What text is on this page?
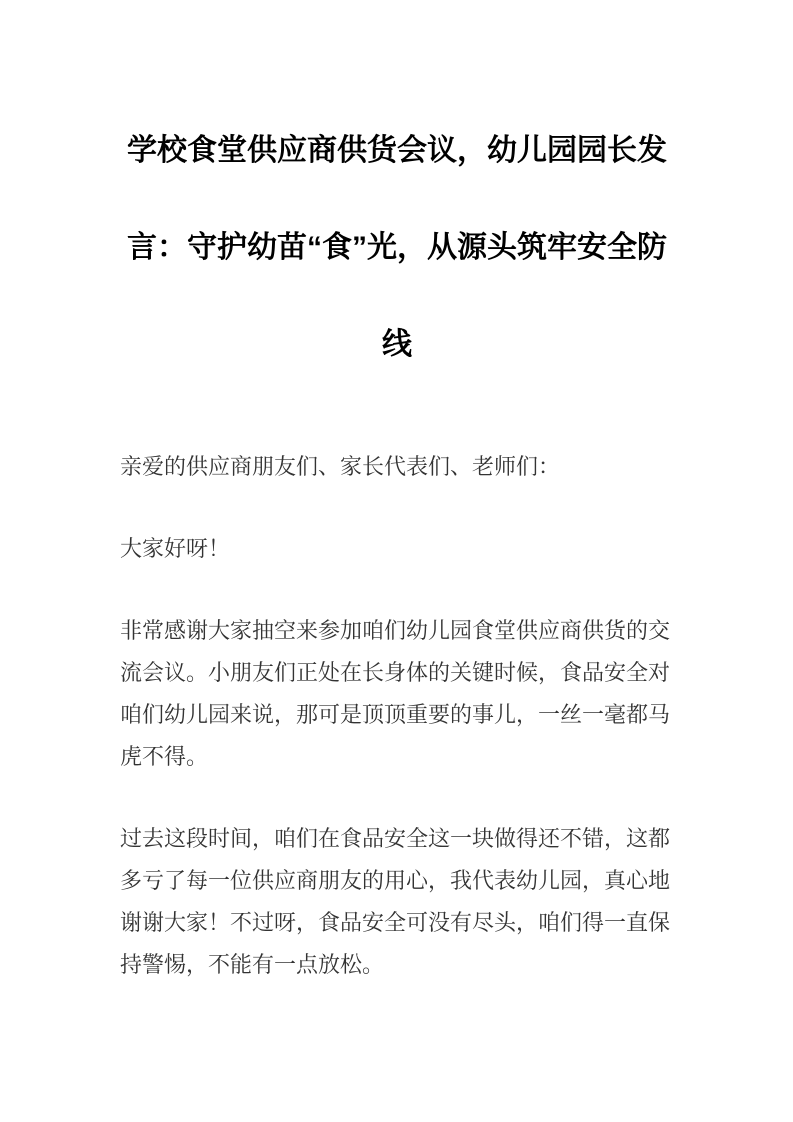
学校食堂供应商供货会议，幼儿园园长发
言：守护幼苗“食”光，从源头筑牢安全防
线

亲爱的供应商朋友们、家长代表们、老师们：

大家好呀！

非常感谢大家抽空来参加咱们幼儿园食堂供应商供货的交
流会议。小朋友们正处在长身体的关键时候，食品安全对
咱们幼儿园来说，那可是顶顶重要的事儿，一丝一毫都马
虎不得。

过去这段时间，咱们在食品安全这一块做得还不错，这都
多亏了每一位供应商朋友的用心，我代表幼儿园，真心地
谢谢大家！不过呀，食品安全可没有尽头，咱们得一直保
持警惕，不能有一点放松。
